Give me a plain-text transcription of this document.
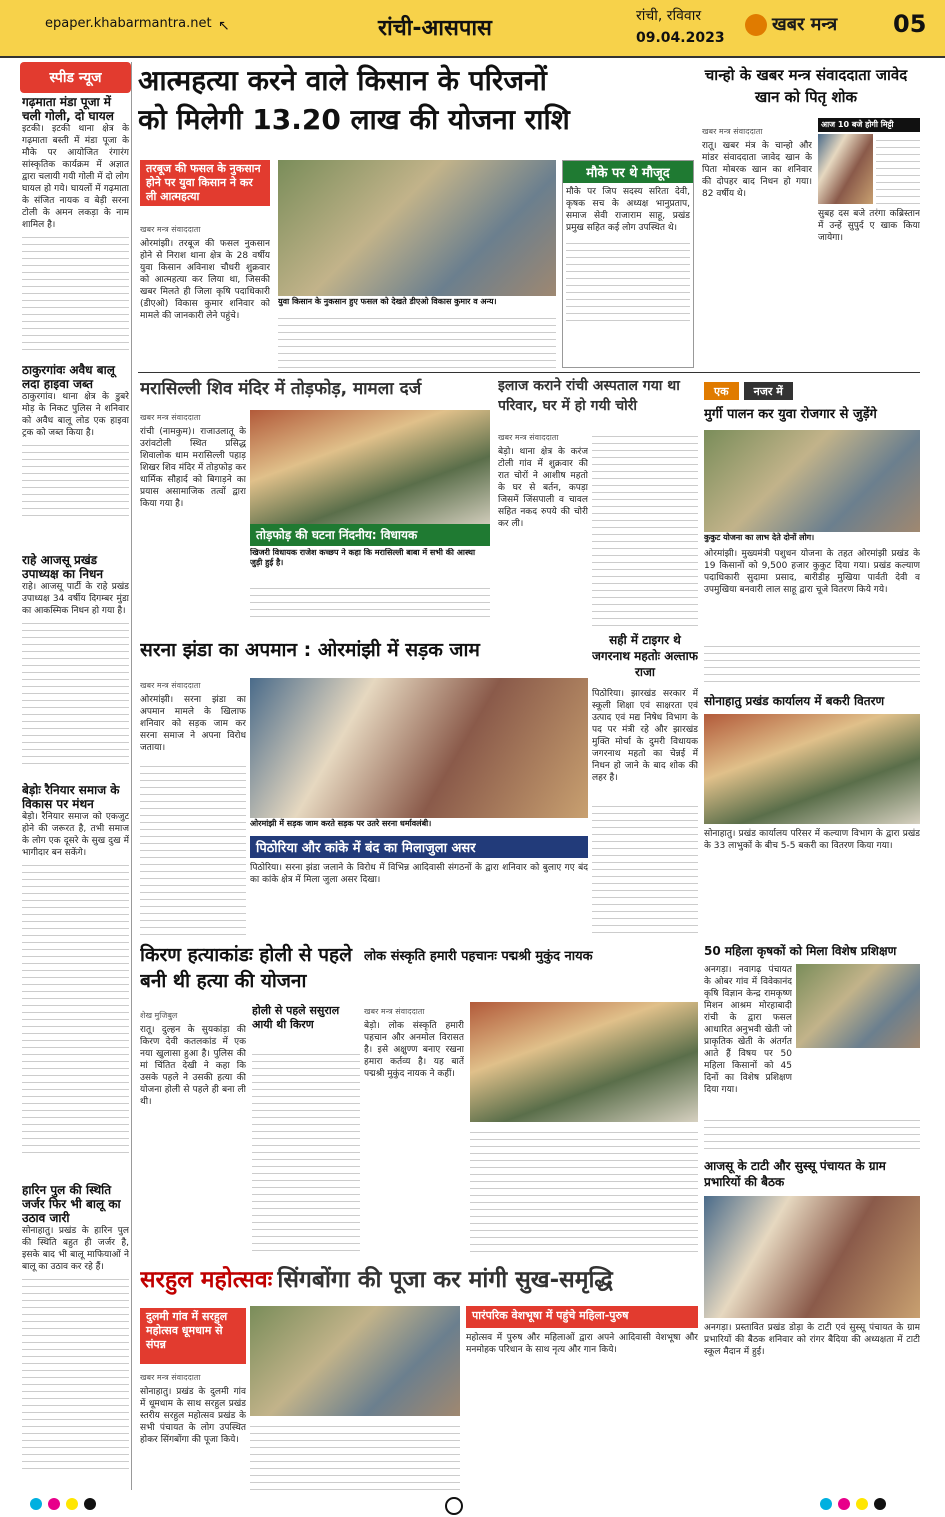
epaper.khabarmantra.net ↖	रांची-आसपास	रांची, रविवार
09.04.2023
खबर मन्त्र 05
स्पीड न्यूज
गढ़माता मंडा पूजा में चली गोली, दो घायल
इटकी। इटकी थाना क्षेत्र के गढ़माता बस्ती में मंडा पूजा के मौके पर आयोजित रंगारंग सांस्कृतिक कार्यक्रम में अज्ञात द्वारा चलायी गयी गोली में दो लोग घायल हो गये। घायलों में गढ़माता के संजित नायक व बेड़ी सरना टोली के अमन लकड़ा के नाम शामिल है।
ठाकुरगांवः अवैध बालू लदा हाइवा जब्त
ठाकुरगांव। थाना क्षेत्र के डुबरे मोड़ के निकट पुलिस ने शनिवार को अवैध बालू लोड एक हाइवा ट्रक को जब्त किया है।
राहे आजसू प्रखंड उपाध्यक्ष का निधन
राहे। आजसू पार्टी के राहे प्रखंड उपाध्यक्ष 34 वर्षीय दिगम्बर मुंडा का आकस्मिक निधन हो गया है।
बेड़ोः रैनियार समाज के विकास पर मंथन
बेड़ो। रैनियार समाज को एकजुट होने की जरूरत है, तभी समाज के लोग एक दूसरे के सुख दुख में भागीदार बन सकेंगे।
हारिन पुल की स्थिति जर्जर फिर भी बालू का उठाव जारी
सोनाहातु। प्रखंड के हारिन पुल की स्थिति बहुत ही जर्जर है, इसके बाद भी बालू माफियाओं ने बालू का उठाव कर रहे हैं।
आत्महत्या करने वाले किसान के परिजनों
को मिलेगी 13.20 लाख की योजना राशि
तरबूज की फसल के नुकसान होने पर युवा किसान ने कर ली आत्महत्या
खबर मन्त्र संवाददाता
ओरमांझी। तरबूज की फसल नुकसान होने से निराश थाना क्षेत्र के 28 वर्षीय युवा किसान अविनाश चौधरी शुक्रवार को आत्महत्या कर लिया था, जिसकी खबर मिलते ही जिला कृषि पदाधिकारी (डीएओ) विकास कुमार शनिवार को मामले की जानकारी लेने पहुंचे।
युवा किसान के नुकसान हुए फसल को देखते डीएओ विकास कुमार व अन्य।
मौके पर थे मौजूद
मौके पर जिप सदस्य सरिता देवी, कृषक सच के अध्यक्ष भानुप्रताप, समाज सेवी राजाराम साहू, प्रखंड प्रमुख सहित कई लोग उपस्थित थे।
चान्हो के खबर मन्त्र संवाददाता जावेद खान को पितृ शोक
खबर मन्त्र संवाददाता
रातू। खबर मंत्र के चान्हो और मांडर संवाददाता जावेद खान के पिता मोबरक खान का शनिवार की दोपहर बाद निधन हो गया। 82 वर्षीय थे।
आज 10 बजे होगी मिट्टी
सुबह दस बजे तरंगा कब्रिस्तान में उन्हें सुपुर्द ए खाक किया जायेगा।
मरासिल्ली शिव मंदिर में तोड़फोड़, मामला दर्ज
खबर मन्त्र संवाददाता
तोड़फोड़ की घटना निंदनीय: विधायक
खिजरी विधायक राजेश कच्छप ने कहा कि मरासिल्ली बाबा में सभी की आस्था जुड़ी हुई है।
रांची (नामकुम)। राजाउलातू के उरांवटोली स्थित प्रसिद्ध शिवालोक धाम मरासिल्ली पहाड़ शिखर शिव मंदिर में तोड़फोड़ कर धार्मिक सौहार्द को बिगाड़ने का प्रयास असामाजिक तत्वों द्वारा किया गया है।
इलाज कराने रांची अस्पताल गया था परिवार, घर में हो गयी चोरी
खबर मन्त्र संवाददाता
बेड़ो। थाना क्षेत्र के करंज टोली गांव में शुक्रवार की रात चोरों ने आशीष महतो के घर से बर्तन, कपड़ा जिसमें जिंसपाली व चावल सहित नकद रुपये की चोरी कर ली।
एक नजर में
मुर्गी पालन कर युवा रोजगार से जुड़ेंगे
कुकुट योजना का लाभ देते दोनों लोग।
ओरमांझी। मुख्यमंत्री पशुधन योजना के तहत ओरमांझी प्रखंड के 19 किसानों को 9,500 हजार कुकुट दिया गया। प्रखंड कल्याण पदाधिकारी सुदामा प्रसाद, बारीडीह मुखिया पार्वती देवी व उपमुखिया बनवारी लाल साहू द्वारा चूजे वितरण किये गये।
सही में टाइगर थे जगरनाथ महतोः अल्ताफ राजा
पिठोरिया। झारखंड सरकार में स्कूली शिक्षा एवं साक्षरता एवं उत्पाद एवं मद्य निषेध विभाग के पद पर मंत्री रहे और झारखंड मुक्ति मोर्चा के दुमरी विधायक जगरनाथ महतो का चेन्नई में निधन हो जाने के बाद शोक की लहर है।
सरना झंडा का अपमान : ओरमांझी में सड़क जाम
खबर मन्त्र संवाददाता
ओरमांझी। सरना झंडा का अपमान मामले के खिलाफ शनिवार को सड़क जाम कर सरना समाज ने अपना विरोध जताया।
ओरमांझी में सड़क जाम करते सड़क पर उतरे सरना धर्मावलंबी।
पिठोरिया और कांके में बंद का मिलाजुला असर
पिठोरिया। सरना झंडा जलाने के विरोध में विभिन्न आदिवासी संगठनों के द्वारा शनिवार को बुलाए गए बंद का कांके क्षेत्र में मिला जुला असर दिखा।
सोनाहातु प्रखंड कार्यालय में बकरी वितरण
सोनाहातु। प्रखंड कार्यालय परिसर में कल्याण विभाग के द्वारा प्रखंड के 33 लाभुकों के बीच 5-5 बकरी का वितरण किया गया।
50 महिला कृषकों को मिला विशेष प्रशिक्षण
अनगड़ा। नवागढ़ पंचायत के ओबर गांव में विवेकानंद कृषि विज्ञान केन्द्र रामकृष्ण मिशन आश्रम मोरहाबादी रांची के द्वारा फसल आधारित अनुभवी खेती जो प्राकृतिक खेती के अंतर्गत आते हैं विषय पर 50 महिला किसानों को 45 दिनों का विशेष प्रशिक्षण दिया गया।
आजसू के टाटी और सुस्सू पंचायत के ग्राम प्रभारियों की बैठक
अनगड़ा। प्रस्तावित प्रखंड डोड़ा के टाटी एवं सुस्सू पंचायत के ग्राम प्रभारियों की बैठक शनिवार को रांगर बैदिया की अध्यक्षता में टाटी स्कूल मैदान में हुई।
किरण हत्याकांडः होली से पहले बनी थी हत्या की योजना
होली से पहले ससुराल आयी थी किरण
शेख मुजिबुल
रातू। दुल्हन के सुयकांड़ा की किरण देवी कतलकांड में एक नया खुलासा हुआ है। पुलिस की मां चिंतित देखी ने कहा कि उसके पहले ने उसकी हत्या की योजना होली से पहले ही बना ली थी।
लोक संस्कृति हमारी पहचानः पद्मश्री मुकुंद नायक
खबर मन्त्र संवाददाता
बेड़ो। लोक संस्कृति हमारी पहचान और अनमोल विरासत है। इसे अक्षुण्ण बनाए रखना हमारा कर्तव्य है। यह बातें पद्मश्री मुकुंद नायक ने कहीं।
सरहुल महोत्सवः सिंगबोंगा की पूजा कर मांगी सुख-समृद्धि
दुलमी गांव में सरहुल महोत्सव धूमधाम से संपन्न
खबर मन्त्र संवाददाता
सोनाहातु। प्रखंड के दुलमी गांव में धूमधाम के साथ सरहुल प्रखंड स्तरीय सरहुल महोत्सव प्रखंड के सभी पंचायत के लोग उपस्थित होकर सिंगबोंगा की पूजा किये।
पारंपरिक वेशभूषा में पहुंचे महिला-पुरुष
महोत्सव में पुरुष और महिलाओं द्वारा अपने आदिवासी वेशभूषा और मनमोहक परिधान के साथ नृत्य और गान किये।
